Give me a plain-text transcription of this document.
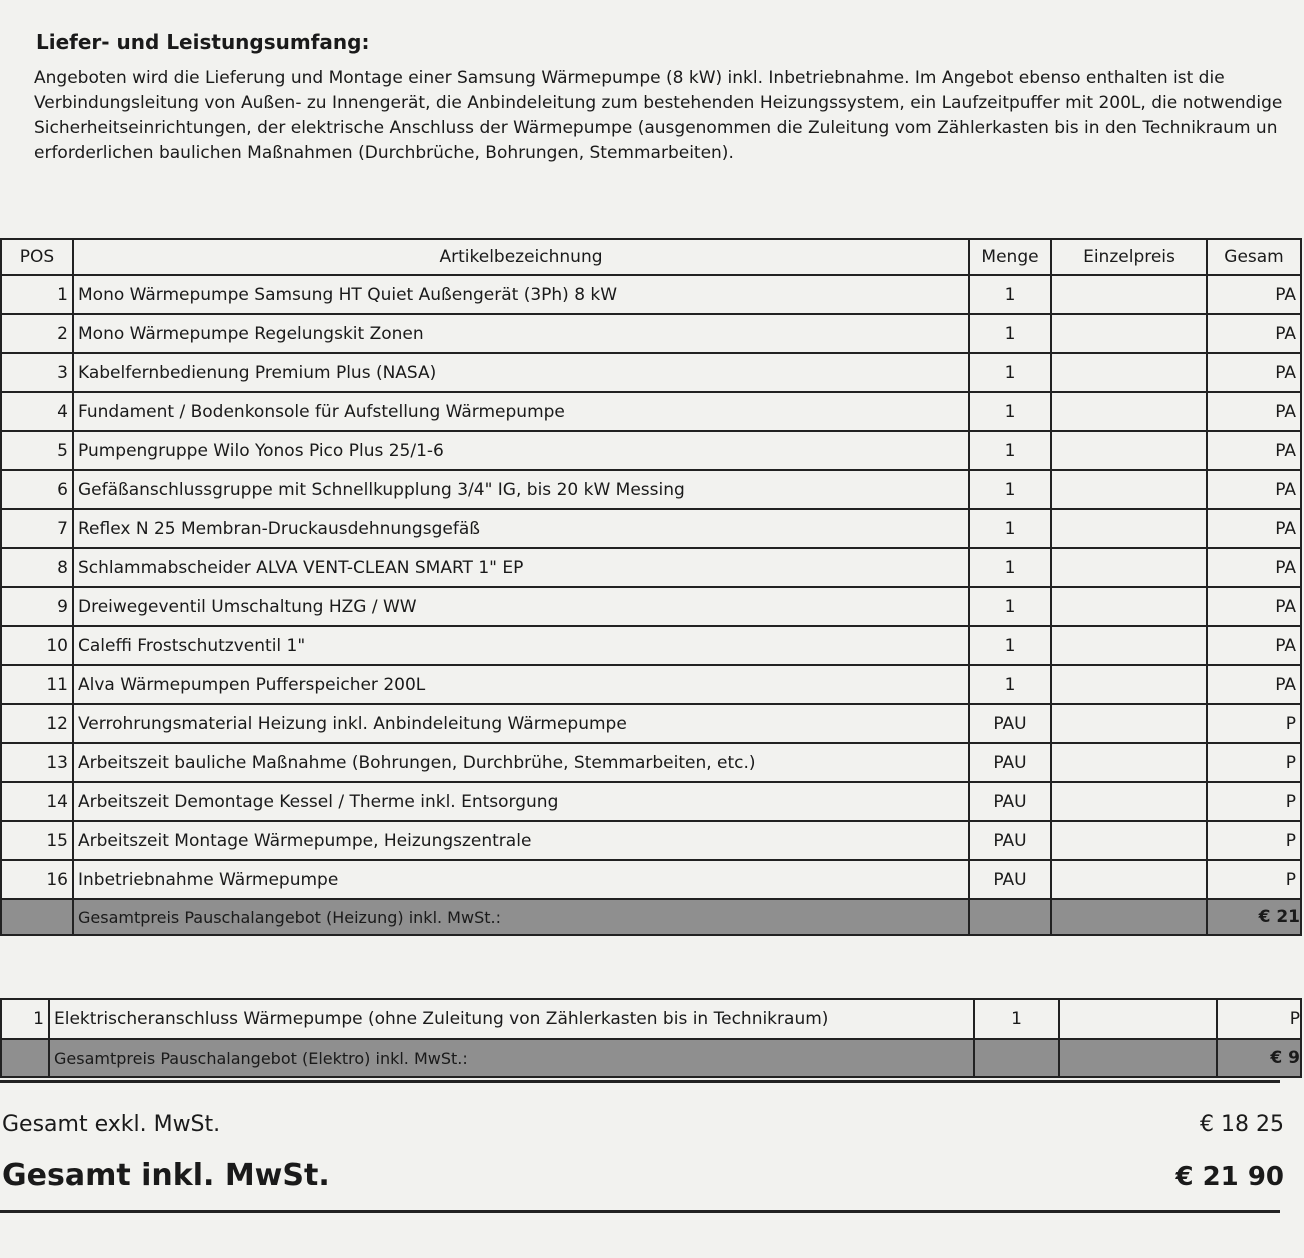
Liefer- und Leistungsumfang:
Angeboten wird die Lieferung und Montage einer Samsung Wärmepumpe (8 kW) inkl. Inbetriebnahme. Im Angebot ebenso enthalten ist die
Verbindungsleitung von Außen- zu Innengerät, die Anbindeleitung zum bestehenden Heizungssystem, ein Laufzeitpuffer mit 200L, die notwendige
Sicherheitseinrichtungen, der elektrische Anschluss der Wärmepumpe (ausgenommen die Zuleitung vom Zählerkasten bis in den Technikraum un
erforderlichen baulichen Maßnahmen (Durchbrüche, Bohrungen, Stemmarbeiten).
POS	Artikelbezeichnung	Menge	Einzelpreis	Gesam
1	Mono Wärmepumpe Samsung HT Quiet Außengerät (3Ph) 8 kW	1		PA
2	Mono Wärmepumpe Regelungskit Zonen	1		PA
3	Kabelfernbedienung Premium Plus (NASA)	1		PA
4	Fundament / Bodenkonsole für Aufstellung Wärmepumpe	1		PA
5	Pumpengruppe Wilo Yonos Pico Plus 25/1-6	1		PA
6	Gefäßanschlussgruppe mit Schnellkupplung 3/4" IG, bis 20 kW Messing	1		PA
7	Reflex N 25 Membran-Druckausdehnungsgefäß	1		PA
8	Schlammabscheider ALVA VENT-CLEAN SMART 1" EP	1		PA
9	Dreiwegeventil Umschaltung HZG / WW	1		PA
10	Caleffi Frostschutzventil 1"	1		PA
11	Alva Wärmepumpen Pufferspeicher 200L	1		PA
12	Verrohrungsmaterial Heizung inkl. Anbindeleitung Wärmepumpe	PAU		P
13	Arbeitszeit bauliche Maßnahme (Bohrungen, Durchbrühe, Stemmarbeiten, etc.)	PAU		P
14	Arbeitszeit Demontage Kessel / Therme inkl. Entsorgung	PAU		P
15	Arbeitszeit Montage Wärmepumpe, Heizungszentrale	PAU		P
16	Inbetriebnahme Wärmepumpe	PAU		P
	Gesamtpreis Pauschalangebot (Heizung) inkl. MwSt.:			€ 21
1	Elektrischeranschluss Wärmepumpe (ohne Zuleitung von Zählerkasten bis in Technikraum)	1		P
	Gesamtpreis Pauschalangebot (Elektro) inkl. MwSt.:			€ 9
Gesamt exkl. MwSt.	€ 18 25
Gesamt inkl. MwSt.	€ 21 90
